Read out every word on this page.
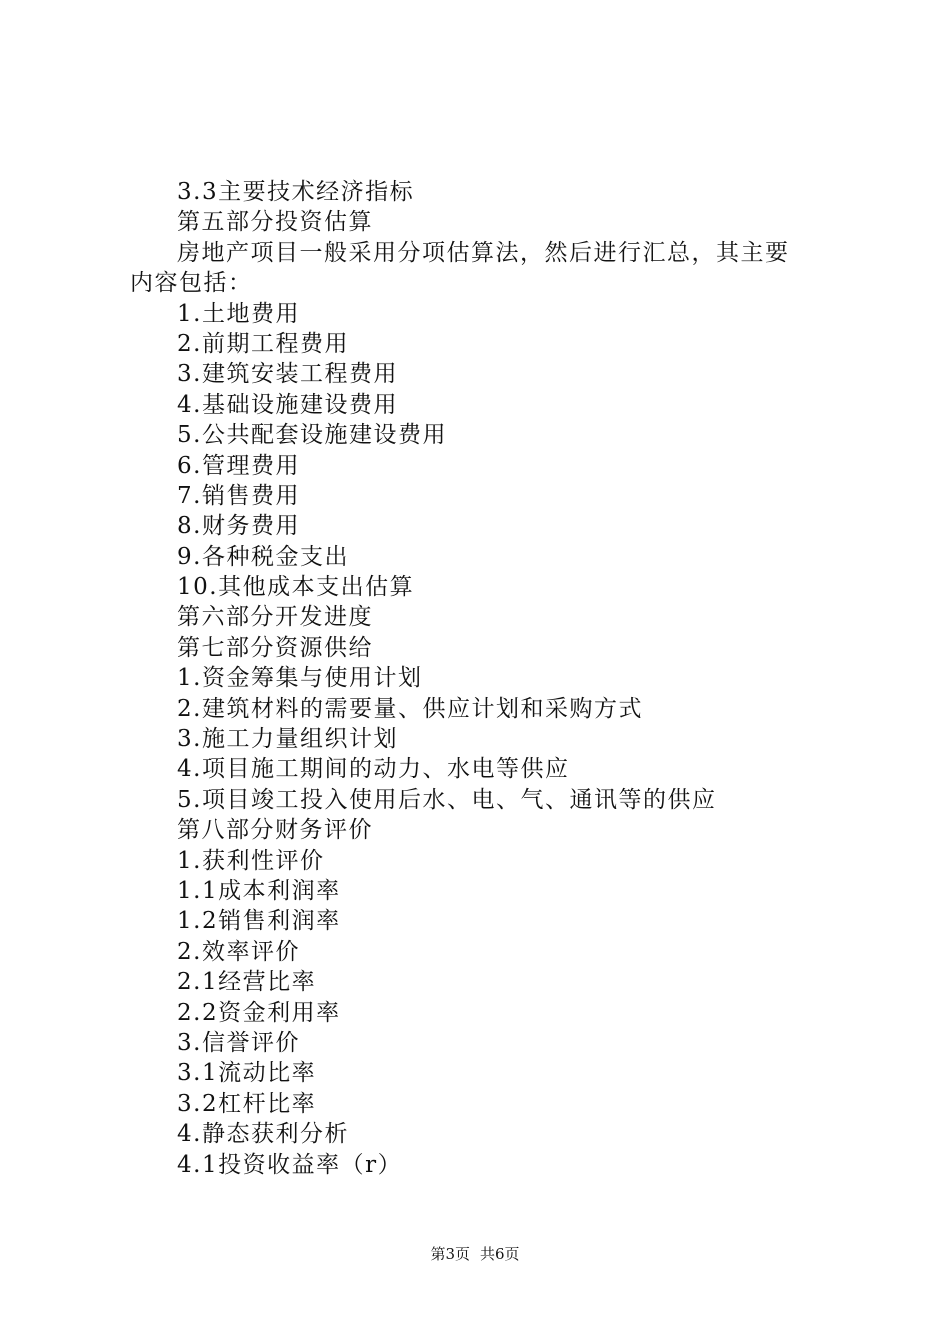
3.3主要技术经济指标
第五部分投资估算
房地产项目一般采用分项估算法，然后进行汇总，其主要
内容包括：
1.土地费用
2.前期工程费用
3.建筑安装工程费用
4.基础设施建设费用
5.公共配套设施建设费用
6.管理费用
7.销售费用
8.财务费用
9.各种税金支出
10.其他成本支出估算
第六部分开发进度
第七部分资源供给
1.资金筹集与使用计划
2.建筑材料的需要量、供应计划和采购方式
3.施工力量组织计划
4.项目施工期间的动力、水电等供应
5.项目竣工投入使用后水、电、气、通讯等的供应
第八部分财务评价
1.获利性评价
1.1成本利润率
1.2销售利润率
2.效率评价
2.1经营比率
2.2资金利用率
3.信誉评价
3.1流动比率
3.2杠杆比率
4.静态获利分析
4.1投资收益率（r）
第3页 共6页
